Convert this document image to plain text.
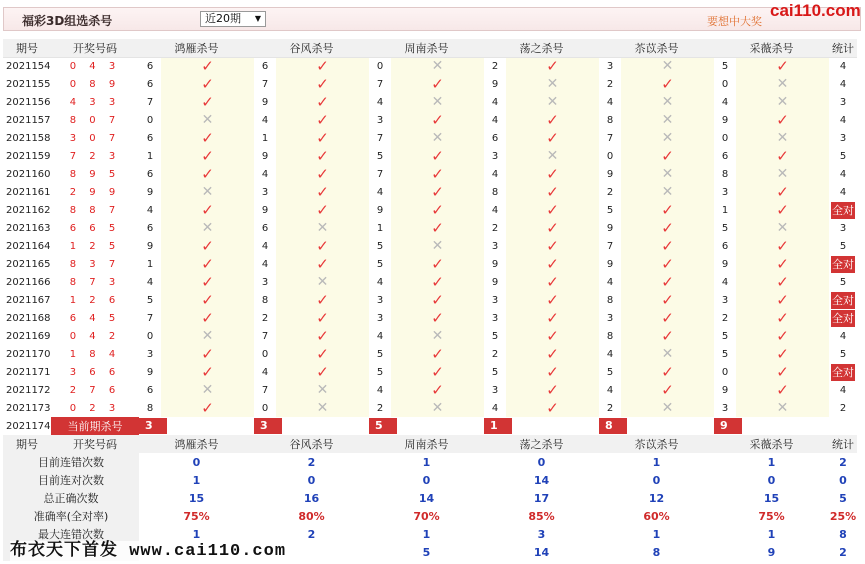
福彩3D组选杀号	近20期 ▼	要想中大奖
cai110.com
期号	开奖号码	鸿雁杀号		谷风杀号		周南杀号		荡之杀号		苶苡杀号		采薇杀号		统计
2021154	0 4 3	6	✓	6	✓	0	✕	2	✓	3	✕	5	✓	4
2021155	0 8 9	6	✓	7	✓	7	✓	9	✕	2	✓	0	✕	4
2021156	4 3 3	7	✓	9	✓	4	✕	4	✕	4	✕	4	✕	3
2021157	8 0 7	0	✕	4	✓	3	✓	4	✓	8	✕	9	✓	4
2021158	3 0 7	6	✓	1	✓	7	✕	6	✓	7	✕	0	✕	3
2021159	7 2 3	1	✓	9	✓	5	✓	3	✕	0	✓	6	✓	5
2021160	8 9 5	6	✓	4	✓	7	✓	4	✓	9	✕	8	✕	4
2021161	2 9 9	9	✕	3	✓	4	✓	8	✓	2	✕	3	✓	4
2021162	8 8 7	4	✓	9	✓	9	✓	4	✓	5	✓	1	✓	全对
2021163	6 6 5	6	✕	6	✕	1	✓	2	✓	9	✓	5	✕	3
2021164	1 2 5	9	✓	4	✓	5	✕	3	✓	7	✓	6	✓	5
2021165	8 3 7	1	✓	4	✓	5	✓	9	✓	9	✓	9	✓	全对
2021166	8 7 3	4	✓	3	✕	4	✓	9	✓	4	✓	4	✓	5
2021167	1 2 6	5	✓	8	✓	3	✓	3	✓	8	✓	3	✓	全对
2021168	6 4 5	7	✓	2	✓	3	✓	3	✓	3	✓	2	✓	全对
2021169	0 4 2	0	✕	7	✓	4	✕	5	✓	8	✓	5	✓	4
2021170	1 8 4	3	✓	0	✓	5	✓	2	✓	4	✕	5	✓	5
2021171	3 6 6	9	✓	4	✓	5	✓	5	✓	5	✓	0	✓	全对
2021172	2 7 6	6	✕	7	✕	4	✓	3	✓	4	✓	9	✓	4
2021173	0 2 3	8	✓	0	✕	2	✕	4	✓	2	✕	3	✕	2
2021174	当前期杀号	3		3		5		1		8		9		
期号	开奖号码	鸿雁杀号		谷风杀号		周南杀号		荡之杀号		苶苡杀号		采薇杀号		统计
目前连错次数		0		2		1		0		1		1		2
目前连对次数		1		0		0		14		0		0		0
总正确次数		15		16		14		17		12		15		5
准确率(全对率)		75%		80%		70%		85%		60%		75%		25%
最大连错次数		1		2		1		3		1		1		8
						5		14		8		9		2
布衣天下首发 www.cai110.com
